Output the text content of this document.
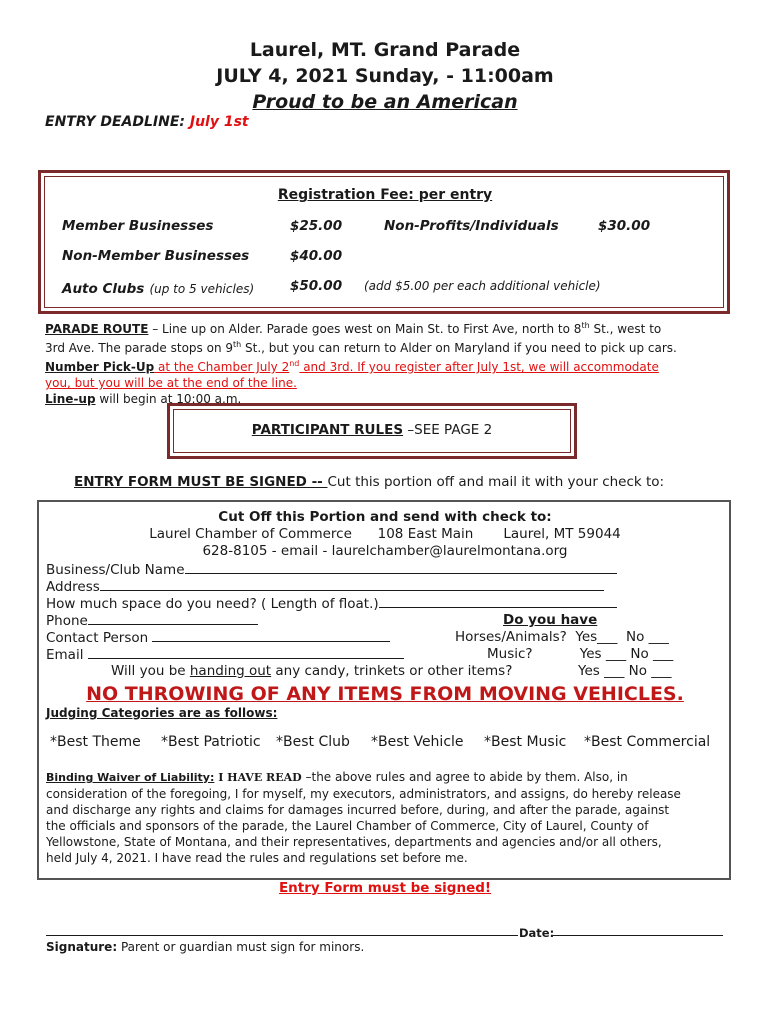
Laurel, MT. Grand Parade
JULY 4, 2021 Sunday, - 11:00am
Proud to be an American
ENTRY DEADLINE: July 1st
Registration Fee: per entry
Member Businesses	$25.00	Non-Profits/Individuals	$30.00
Non-Member Businesses	$40.00
Auto Clubs (up to 5 vehicles)	$50.00 (add $5.00 per each additional vehicle)
PARADE ROUTE – Line up on Alder. Parade goes west on Main St. to First Ave, north to 8th St., west to
3rd Ave. The parade stops on 9th St., but you can return to Alder on Maryland if you need to pick up cars.
Number Pick-Up at the Chamber July 2nd and 3rd. If you register after July 1st, we will accommodate
you, but you will be at the end of the line.
Line-up will begin at 10:00 a.m.
PARTICIPANT RULES –SEE PAGE 2
ENTRY FORM MUST BE SIGNED -- Cut this portion off and mail it with your check to:
Cut Off this Portion and send with check to:
Laurel Chamber of Commerce      108 East Main       Laurel, MT 59044
628-8105 - email - laurelchamber@laurelmontana.org
Business/Club Name
Address
How much space do you need? ( Length of float.)
Phone
Contact Person
Email
Do you have
Horses/Animals?  Yes___  No ___
Music?           Yes ___ No ___
Will you be handing out any candy, trinkets or other items?	Yes ___ No ___
NO THROWING OF ANY ITEMS FROM MOVING VEHICLES.
Judging Categories are as follows:
*Best Theme *Best Patriotic *Best Club *Best Vehicle *Best Music *Best Commercial
Binding Waiver of Liability: I HAVE READ –the above rules and agree to abide by them. Also, in
consideration of the foregoing, I for myself, my executors, administrators, and assigns, do hereby release
and discharge any rights and claims for damages incurred before, during, and after the parade, against
the officials and sponsors of the parade, the Laurel Chamber of Commerce, City of Laurel, County of
Yellowstone, State of Montana, and their representatives, departments and agencies and/or all others,
held July 4, 2021. I have read the rules and regulations set before me.
Entry Form must be signed!
Date:
Signature: Parent or guardian must sign for minors.
